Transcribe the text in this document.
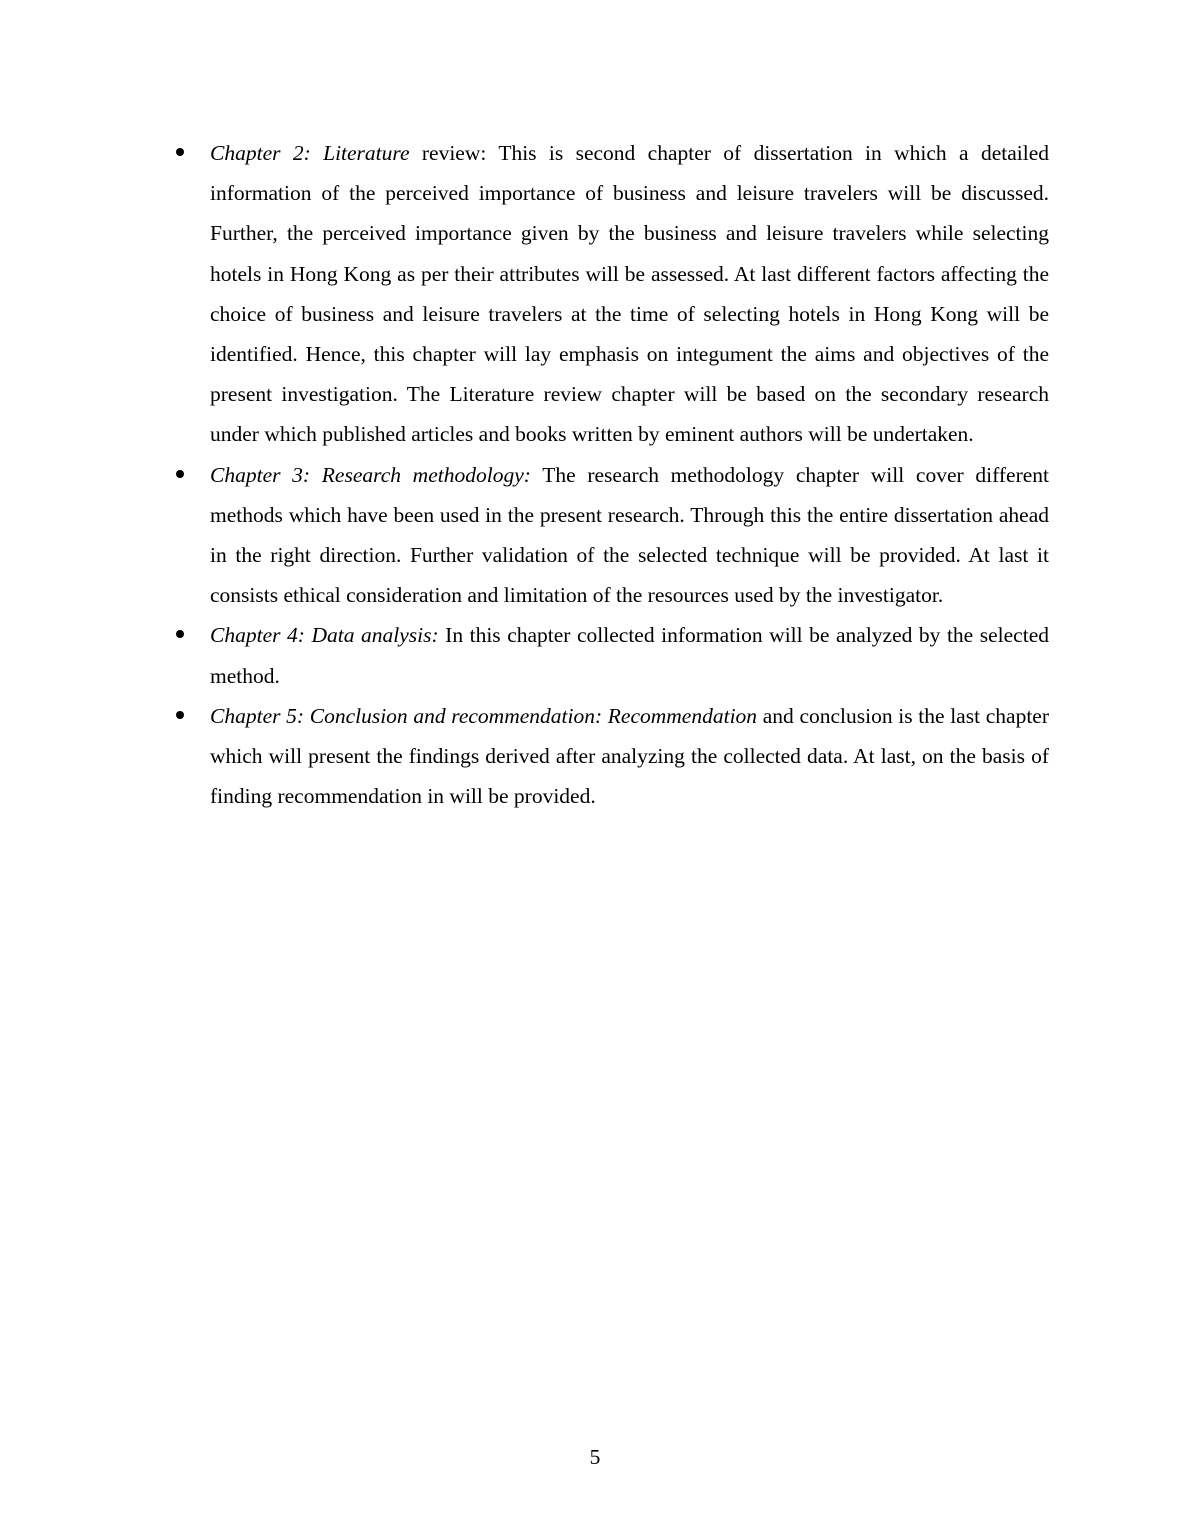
Chapter 2: Literature review: This is second chapter of dissertation in which a detailed information of the perceived importance of business and leisure travelers will be discussed. Further, the perceived importance given by the business and leisure travelers while selecting hotels in Hong Kong as per their attributes will be assessed. At last different factors affecting the choice of business and leisure travelers at the time of selecting hotels in Hong Kong will be identified. Hence, this chapter will lay emphasis on integument the aims and objectives of the present investigation. The Literature review chapter will be based on the secondary research under which published articles and books written by eminent authors will be undertaken.
Chapter 3: Research methodology: The research methodology chapter will cover different methods which have been used in the present research. Through this the entire dissertation ahead in the right direction. Further validation of the selected technique will be provided. At last it consists ethical consideration and limitation of the resources used by the investigator.
Chapter 4: Data analysis: In this chapter collected information will be analyzed by the selected method.
Chapter 5: Conclusion and recommendation: Recommendation and conclusion is the last chapter which will present the findings derived after analyzing the collected data. At last, on the basis of finding recommendation in will be provided.
5
